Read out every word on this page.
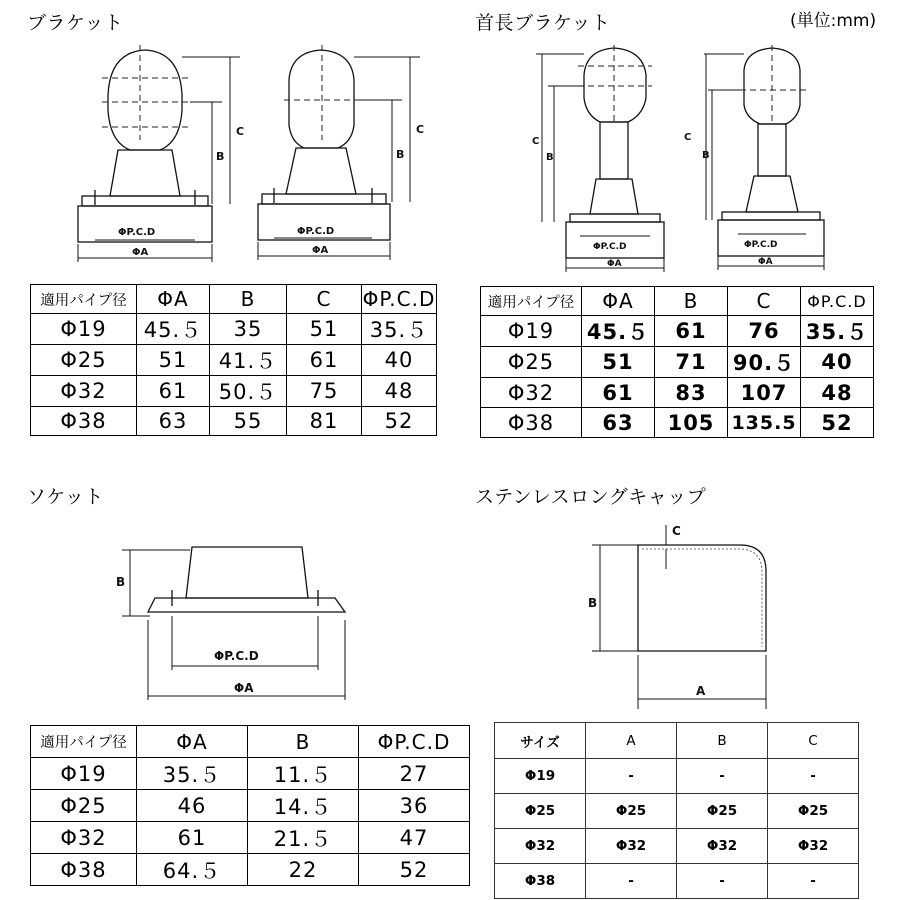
ブラケット	首長ブラケット	(単位:mm)
ソケット	ステンレスロングキャップ
C
B
C
B
ΦP.C.D
ΦA
ΦP.C.D
ΦA
C
B
C
B
ΦP.C.D
ΦA
ΦP.C.D
ΦA
B
ΦP.C.D
ΦA
B
C
A
適用パイプ径	ΦA	B	C	ΦP.C.D
Φ19	45.５	35	51	35.５
Φ25	51	41.５	61	40
Φ32	61	50.５	75	48
Φ38	63	55	81	52
適用パイプ径	ΦA	B	C	ΦP.C.D
Φ19	45.５	61	76	35.５
Φ25	51	71	90.５	40
Φ32	61	83	107	48
Φ38	63	105	135.5	52
適用パイプ径	ΦA	B	ΦP.C.D
Φ19	35.５	11.５	27
Φ25	46	14.５	36
Φ32	61	21.５	47
Φ38	64.５	22	52
サイズ	A	B	C
Φ19	-	-	-
Φ25	Φ25	Φ25	Φ25
Φ32	Φ32	Φ32	Φ32
Φ38	-	-	-
